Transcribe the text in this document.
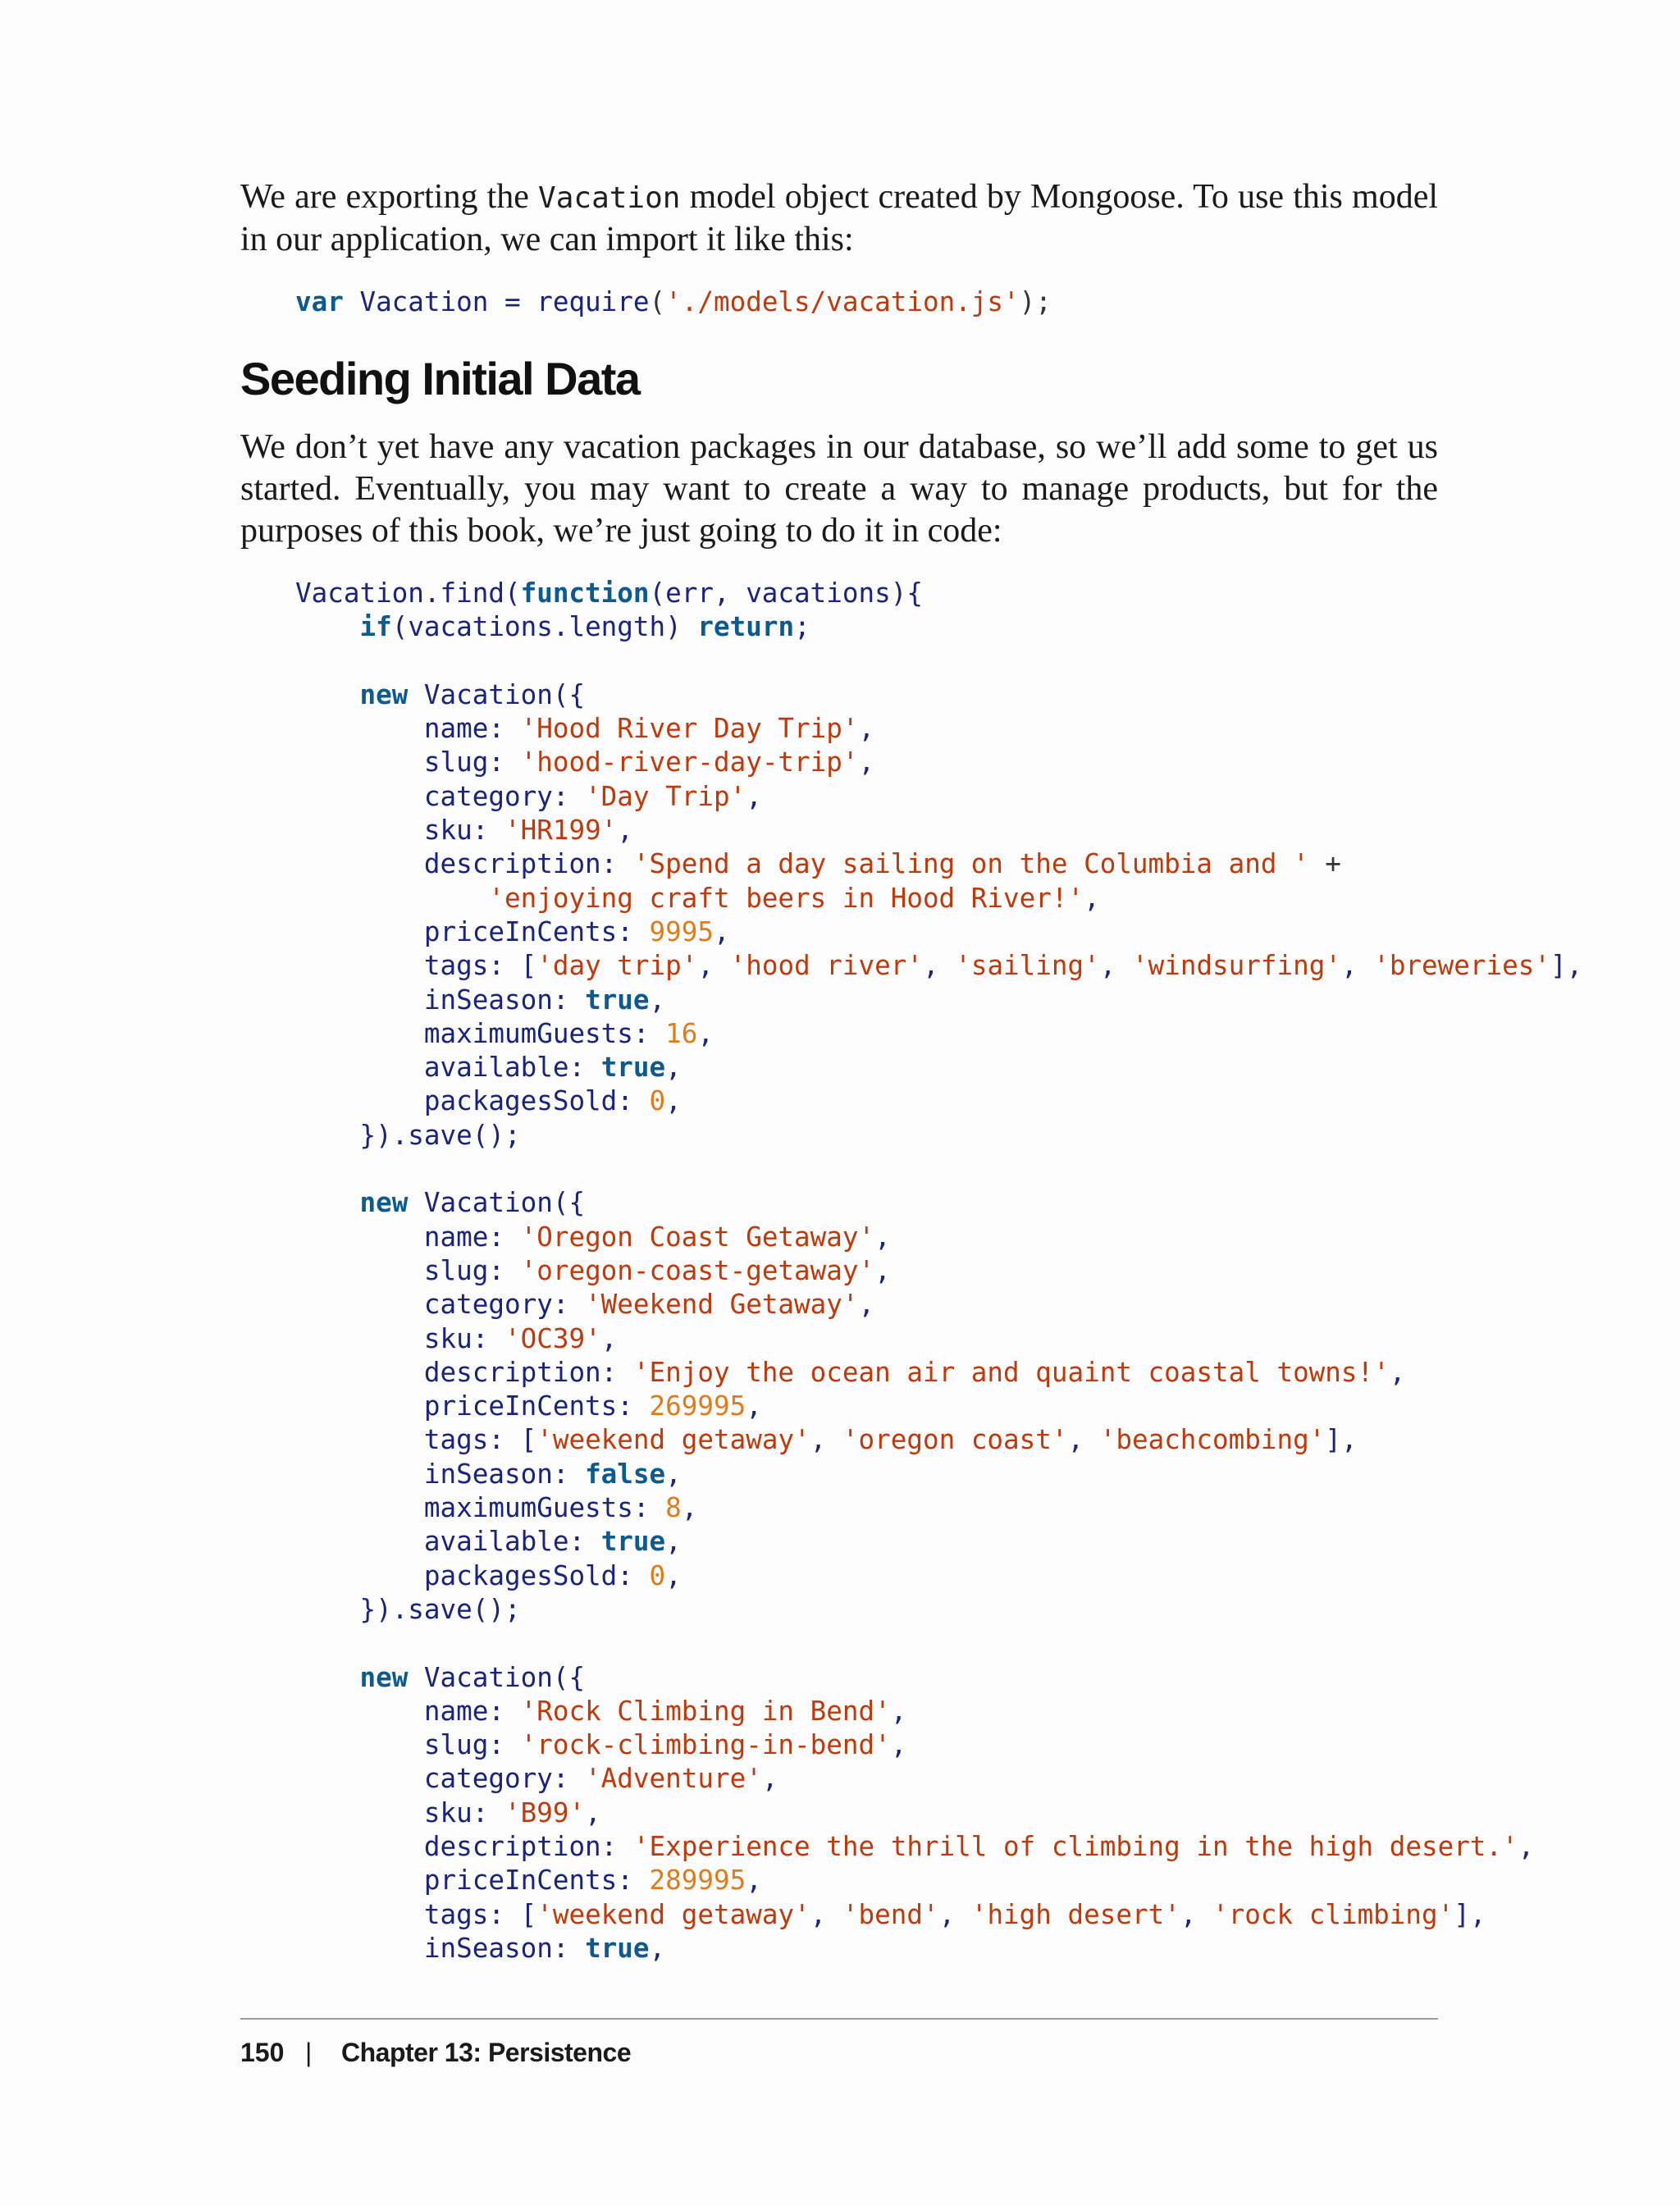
We are exporting the Vacation model object created by Mongoose. To use this model in our application, we can import it like this:

var Vacation = require('./models/vacation.js');
Seeding Initial Data

We don’t yet have any vacation packages in our database, so we’ll add some to get us started. Eventually, you may want to create a way to manage products, but for the purposes of this book, we’re just going to do it in code:

Vacation.find(function(err, vacations){
if(vacations.length) return;

new Vacation({
name: 'Hood River Day Trip',
slug: 'hood-river-day-trip',
category: 'Day Trip',
sku: 'HR199',
description: 'Spend a day sailing on the Columbia and ' +
'enjoying craft beers in Hood River!',
priceInCents: 9995,
tags: ['day trip', 'hood river', 'sailing', 'windsurfing', 'breweries'],
inSeason: true,
maximumGuests: 16,
available: true,
packagesSold: 0,
}).save();

new Vacation({
name: 'Oregon Coast Getaway',
slug: 'oregon-coast-getaway',
category: 'Weekend Getaway',
sku: 'OC39',
description: 'Enjoy the ocean air and quaint coastal towns!',
priceInCents: 269995,
tags: ['weekend getaway', 'oregon coast', 'beachcombing'],
inSeason: false,
maximumGuests: 8,
available: true,
packagesSold: 0,
}).save();

new Vacation({
name: 'Rock Climbing in Bend',
slug: 'rock-climbing-in-bend',
category: 'Adventure',
sku: 'B99',
description: 'Experience the thrill of climbing in the high desert.',
priceInCents: 289995,
tags: ['weekend getaway', 'bend', 'high desert', 'rock climbing'],
inSeason: true,
150 | Chapter 13: Persistence
